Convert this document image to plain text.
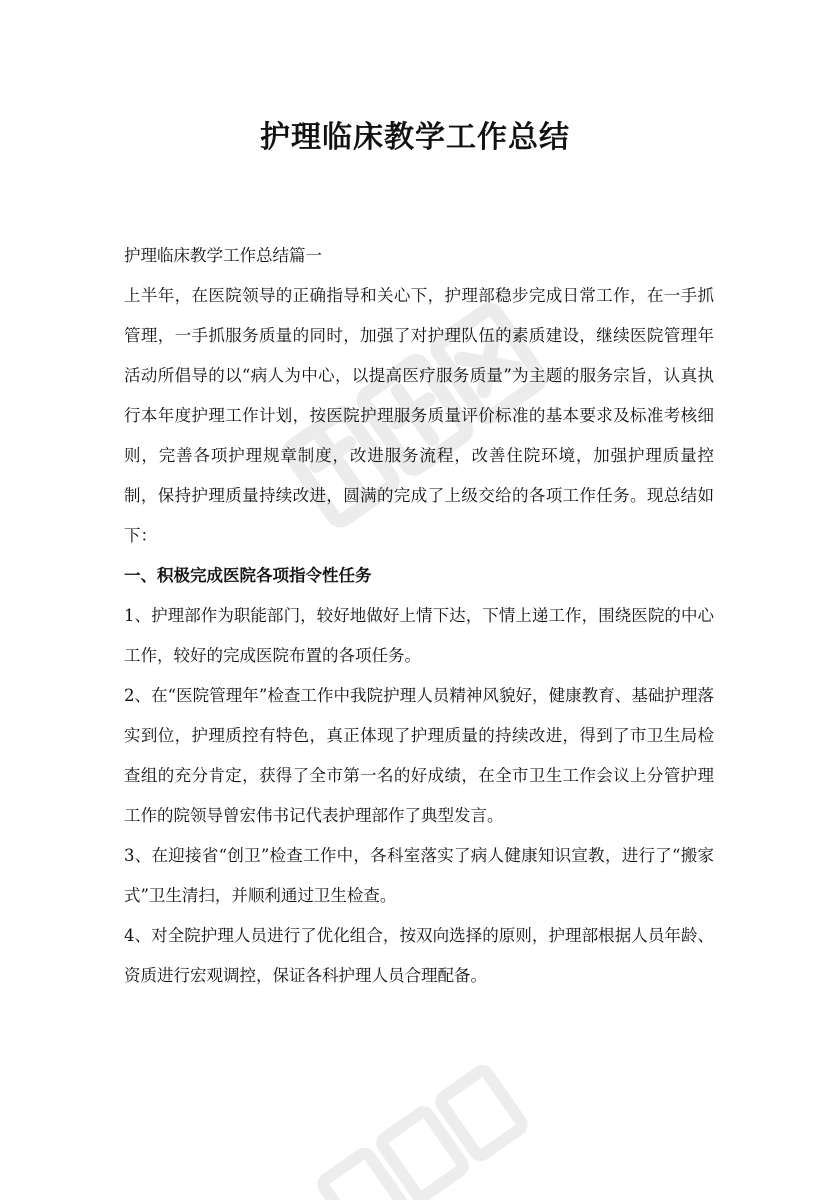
护理临床教学工作总结

护理临床教学工作总结篇一

上半年，在医院领导的正确指导和关心下，护理部稳步完成日常工作，在一手抓管理，一手抓服务质量的同时，加强了对护理队伍的素质建设，继续医院管理年活动所倡导的以“病人为中心，以提高医疗服务质量”为主题的服务宗旨，认真执行本年度护理工作计划，按医院护理服务质量评价标准的基本要求及标准考核细则，完善各项护理规章制度，改进服务流程，改善住院环境，加强护理质量控制，保持护理质量持续改进，圆满的完成了上级交给的各项工作任务。现总结如下：

一、积极完成医院各项指令性任务

1、护理部作为职能部门，较好地做好上情下达，下情上递工作，围绕医院的中心工作，较好的完成医院布置的各项任务。

2、在“医院管理年”检查工作中我院护理人员精神风貌好，健康教育、基础护理落实到位，护理质控有特色，真正体现了护理质量的持续改进，得到了市卫生局检查组的充分肯定，获得了全市第一名的好成绩，在全市卫生工作会议上分管护理工作的院领导曾宏伟书记代表护理部作了典型发言。

3、在迎接省“创卫”检查工作中，各科室落实了病人健康知识宣教，进行了“搬家式”卫生清扫，并顺利通过卫生检查。

4、对全院护理人员进行了优化组合，按双向选择的原则，护理部根据人员年龄、资质进行宏观调控，保证各科护理人员合理配备。
